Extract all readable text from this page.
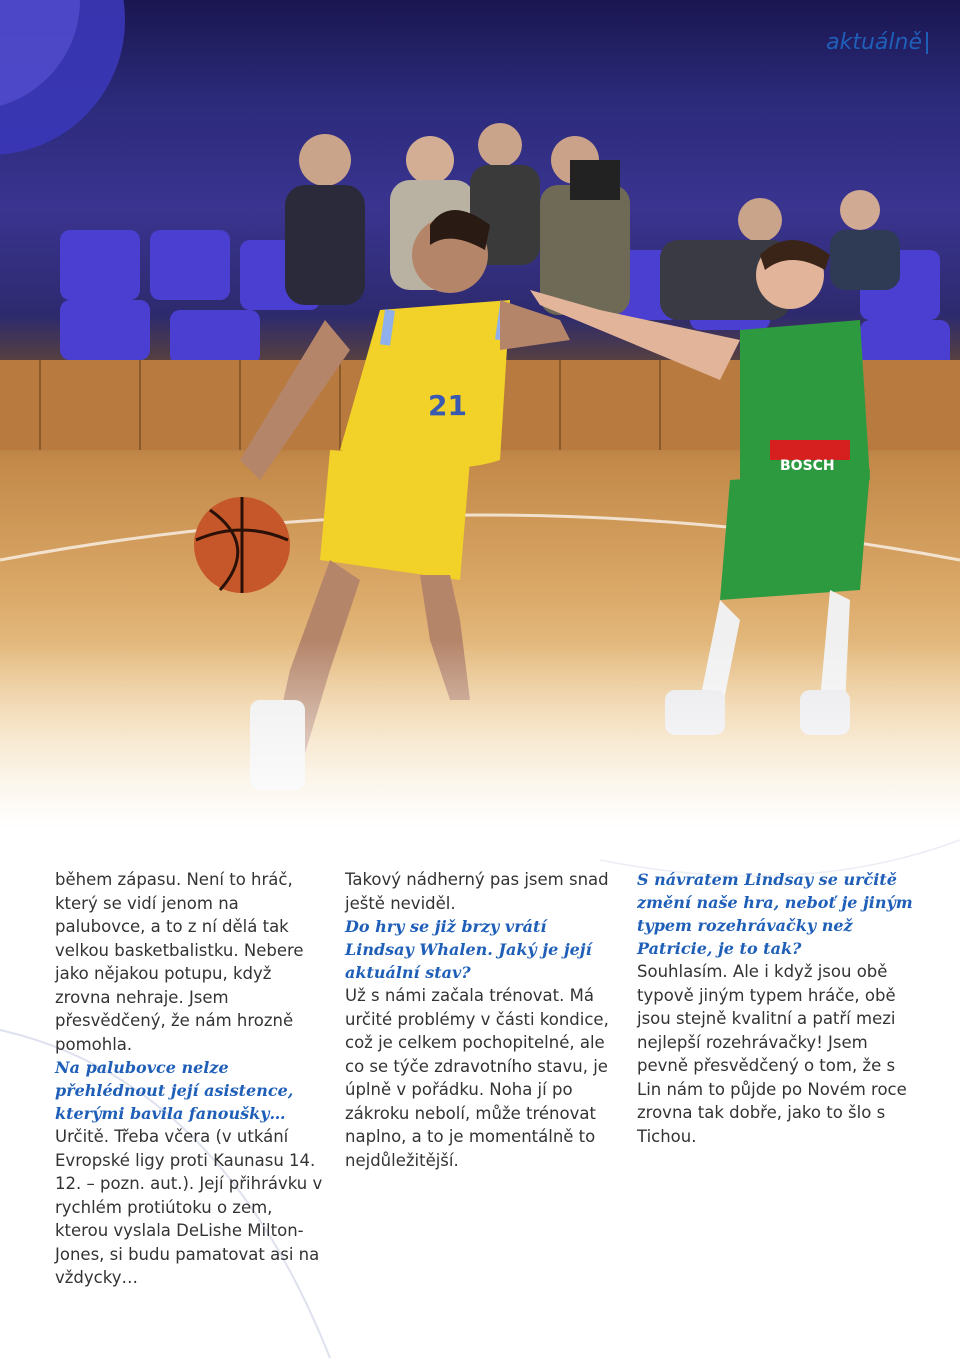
21
BOSCH
aktuálně

během zápasu. Není to hráč, který se vidí jenom na palubovce, a to z ní dělá tak velkou basketbalistku. Nebere jako nějakou potupu, když zrovna nehraje. Jsem přesvědčený, že nám hrozně pomohla.

Na palubovce nelze přehlédnout její asistence, kterými bavila fanoušky…

Určitě. Třeba včera (v utkání Evropské ligy proti Kaunasu 14. 12. – pozn. aut.). Její přihrávku v rychlém protiútoku o zem, kterou vyslala DeLishe Milton-Jones, si budu pamatovat asi na vždycky…

Takový nádherný pas jsem snad ještě neviděl.

Do hry se již brzy vrátí Lindsay Whalen. Jaký je její aktuální stav?

Už s námi začala trénovat. Má určité problémy v části kondice, což je celkem pochopitelné, ale co se týče zdravotního stavu, je úplně v pořádku. Noha jí po zákroku nebolí, může trénovat naplno, a to je momentálně to nejdůležitější.

S návratem Lindsay se určitě změní naše hra, neboť je jiným typem rozehrávačky než Patricie, je to tak?

Souhlasím. Ale i když jsou obě typově jiným typem hráče, obě jsou stejně kvalitní a patří mezi nejlepší rozehrávačky! Jsem pevně přesvědčený o tom, že s Lin nám to půjde po Novém roce zrovna tak dobře, jako to šlo s Tichou.
